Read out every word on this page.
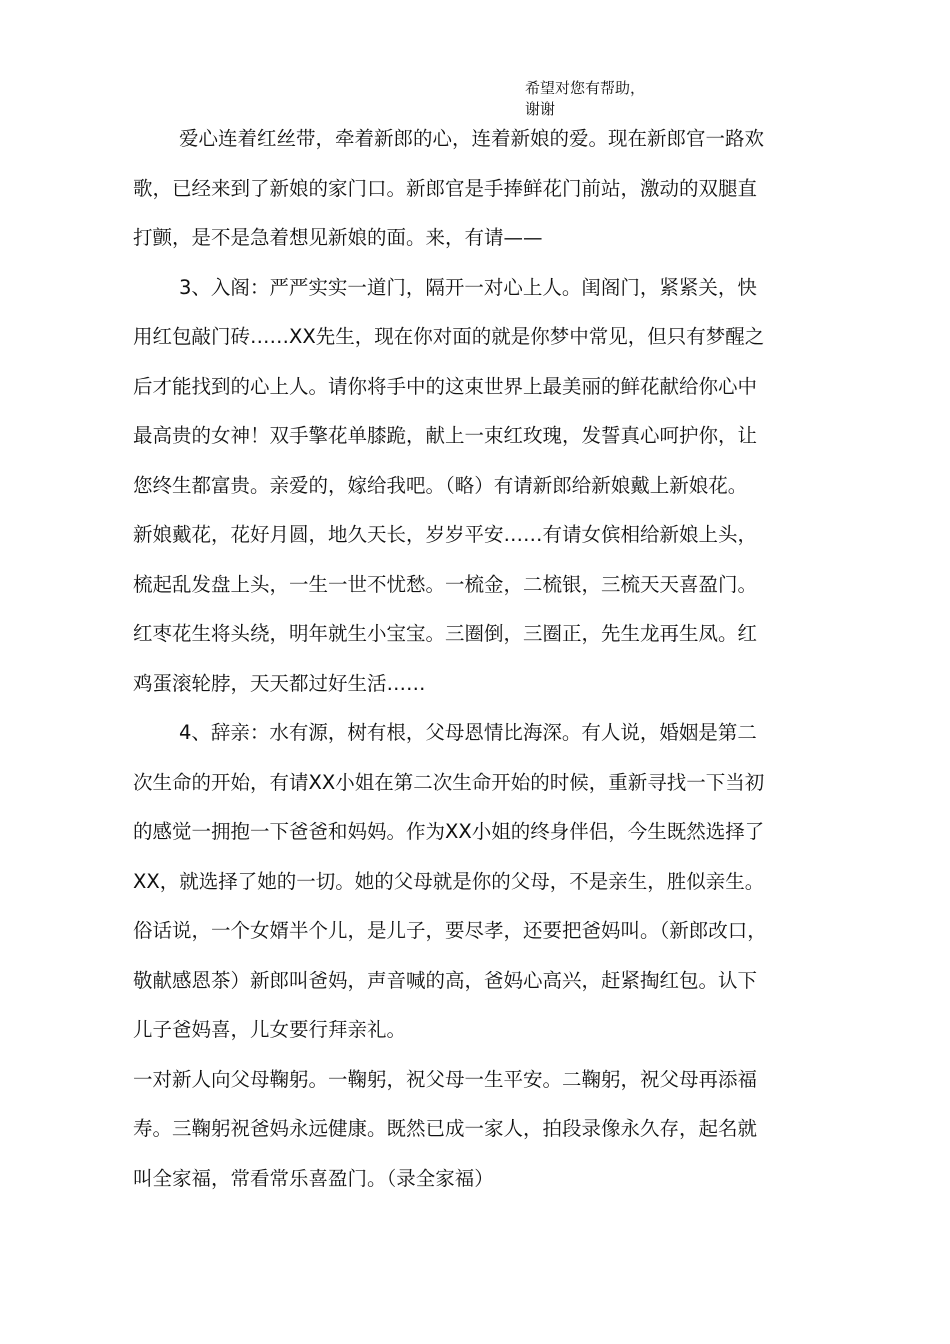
希望对您有帮助，
谢谢
爱心连着红丝带，牵着新郎的心，连着新娘的爱。现在新郎官一路欢
歌，已经来到了新娘的家门口。新郎官是手捧鲜花门前站，激动的双腿直
打颤，是不是急着想见新娘的面。来，有请——
3、入阁：严严实实一道门，隔开一对心上人。闺阁门，紧紧关，快
用红包敲门砖……XX先生，现在你对面的就是你梦中常见，但只有梦醒之
后才能找到的心上人。请你将手中的这束世界上最美丽的鲜花献给你心中
最高贵的女神！双手擎花单膝跪，献上一束红玫瑰，发誓真心呵护你，让
您终生都富贵。亲爱的，嫁给我吧。（略）有请新郎给新娘戴上新娘花。
新娘戴花，花好月圆，地久天长，岁岁平安……有请女傧相给新娘上头，
梳起乱发盘上头，一生一世不忧愁。一梳金，二梳银，三梳天天喜盈门。
红枣花生将头绕，明年就生小宝宝。三圈倒，三圈正，先生龙再生凤。红
鸡蛋滚轮脖，天天都过好生活……
4、辞亲：水有源，树有根，父母恩情比海深。有人说，婚姻是第二
次生命的开始，有请XX小姐在第二次生命开始的时候，重新寻找一下当初
的感觉一拥抱一下爸爸和妈妈。作为XX小姐的终身伴侣，今生既然选择了
XX，就选择了她的一切。她的父母就是你的父母，不是亲生，胜似亲生。
俗话说，一个女婿半个儿，是儿子，要尽孝，还要把爸妈叫。（新郎改口，
敬献感恩茶）新郎叫爸妈，声音喊的高，爸妈心高兴，赶紧掏红包。认下
儿子爸妈喜，儿女要行拜亲礼。
一对新人向父母鞠躬。一鞠躬，祝父母一生平安。二鞠躬，祝父母再添福
寿。三鞠躬祝爸妈永远健康。既然已成一家人，拍段录像永久存，起名就
叫全家福，常看常乐喜盈门。（录全家福）
